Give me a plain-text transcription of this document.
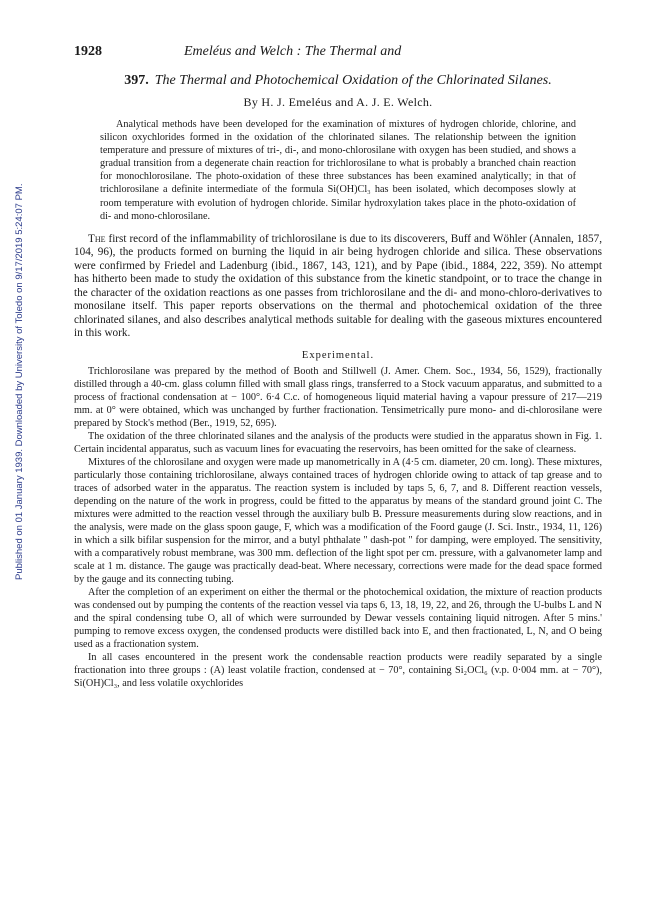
Published on 01 January 1939. Downloaded by University of Toledo on 9/17/2019 5:24:07 PM.
1928	Emeléus and Welch : The Thermal and
397. The Thermal and Photochemical Oxidation of the Chlorinated Silanes.
By H. J. Emeléus and A. J. E. Welch.

Analytical methods have been developed for the examination of mixtures of hydrogen chloride, chlorine, and silicon oxychlorides formed in the oxidation of the chlorinated silanes. The relationship between the ignition temperature and pressure of mixtures of tri-, di-, and mono-chlorosilane with oxygen has been studied, and shows a gradual transition from a degenerate chain reaction for trichlorosilane to what is probably a branched chain reaction for monochlorosilane. The photo-oxidation of these three substances has been examined analytically; in that of trichlorosilane a definite intermediate of the formula Si(OH)Cl₃ has been isolated, which decomposes slowly at room temperature with evolution of hydrogen chloride. Similar hydroxylation takes place in the photo-oxidation of di- and mono-chlorosilane.

The first record of the inflammability of trichlorosilane is due to its discoverers, Buff and Wöhler (Annalen, 1857, 104, 96), the products formed on burning the liquid in air being hydrogen chloride and silica. These observations were confirmed by Friedel and Ladenburg (ibid., 1867, 143, 121), and by Pape (ibid., 1884, 222, 359). No attempt has hitherto been made to study the oxidation of this substance from the kinetic standpoint, or to trace the change in the character of the oxidation reactions as one passes from trichlorosilane and the di- and mono-chloro-derivatives to monosilane itself. This paper reports observations on the thermal and photochemical oxidation of the three chlorinated silanes, and also describes analytical methods suitable for dealing with the gaseous mixtures encountered in this work.

Experimental.

Trichlorosilane was prepared by the method of Booth and Stillwell (J. Amer. Chem. Soc., 1934, 56, 1529), fractionally distilled through a 40-cm. glass column filled with small glass rings, transferred to a Stock vacuum apparatus, and submitted to a process of fractional condensation at − 100°. 6·4 C.c. of homogeneous liquid material having a vapour pressure of 217—219 mm. at 0° were obtained, which was unchanged by further fractionation. Tensimetrically pure mono- and di-chlorosilane were prepared by Stock's method (Ber., 1919, 52, 695).

The oxidation of the three chlorinated silanes and the analysis of the products were studied in the apparatus shown in Fig. 1. Certain incidental apparatus, such as vacuum lines for evacuating the reservoirs, has been omitted for the sake of clearness.

Mixtures of the chlorosilane and oxygen were made up manometrically in A (4·5 cm. diameter, 20 cm. long). These mixtures, particularly those containing trichlorosilane, always contained traces of hydrogen chloride owing to attack of tap grease and to traces of adsorbed water in the apparatus. The reaction system is included by taps 5, 6, 7, and 8. Different reaction vessels, depending on the nature of the work in progress, could be fitted to the apparatus by means of the standard ground joint C. The mixtures were admitted to the reaction vessel through the auxiliary bulb B. Pressure measurements during slow reactions, and in the analysis, were made on the glass spoon gauge, F, which was a modification of the Foord gauge (J. Sci. Instr., 1934, 11, 126) in which a silk bifilar suspension for the mirror, and a butyl phthalate " dash-pot " for damping, were employed. The sensitivity, with a comparatively robust membrane, was 300 mm. deflection of the light spot per cm. pressure, with a galvanometer lamp and scale at 1 m. distance. The gauge was practically dead-beat. Where necessary, corrections were made for the dead space formed by the gauge and its connecting tubing.

After the completion of an experiment on either the thermal or the photochemical oxidation, the mixture of reaction products was condensed out by pumping the contents of the reaction vessel via taps 6, 13, 18, 19, 22, and 26, through the U-bulbs L and N and the spiral condensing tube O, all of which were surrounded by Dewar vessels containing liquid nitrogen. After 5 mins.' pumping to remove excess oxygen, the condensed products were distilled back into E, and then fractionated, L, N, and O being used as a fractionation system.

In all cases encountered in the present work the condensable reaction products were readily separated by a single fractionation into three groups : (A) least volatile fraction, condensed at − 70°, containing Si₂OCl₆ (v.p. 0·004 mm. at − 70°), Si(OH)Cl₃, and less volatile oxychlorides
